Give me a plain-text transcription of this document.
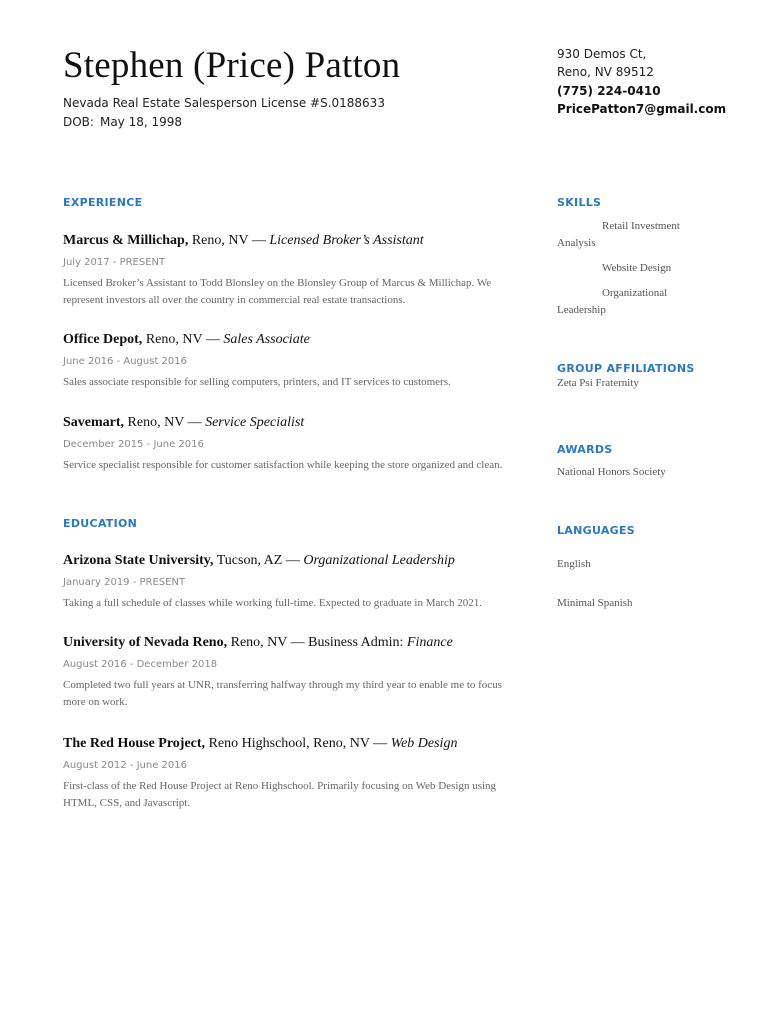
Stephen (Price) Patton
Nevada Real Estate Salesperson License #S.0188633
DOB: May 18, 1998
930 Demos Ct,
Reno, NV 89512
(775) 224-0410
PricePatton7@gmail.com
EXPERIENCE
Marcus & Millichap, Reno, NV — Licensed Broker’s Assistant
July 2017 - PRESENT
Licensed Broker’s Assistant to Todd Blonsley on the Blonsley Group of Marcus & Millichap. We represent investors all over the country in commercial real estate transactions.
Office Depot, Reno, NV — Sales Associate
June 2016 - August 2016
Sales associate responsible for selling computers, printers, and IT services to customers.
Savemart, Reno, NV — Service Specialist
December 2015 - June 2016
Service specialist responsible for customer satisfaction while keeping the store organized and clean.
EDUCATION
Arizona State University, Tucson, AZ — Organizational Leadership
January 2019 - PRESENT
Taking a full schedule of classes while working full-time. Expected to graduate in March 2021.
University of Nevada Reno, Reno, NV — Business Admin: Finance
August 2016 - December 2018
Completed two full years at UNR, transferring halfway through my third year to enable me to focus more on work.
The Red House Project, Reno Highschool, Reno, NV — Web Design
August 2012 - June 2016
First-class of the Red House Project at Reno Highschool. Primarily focusing on Web Design using HTML, CSS, and Javascript.
SKILLS
Retail Investment Analysis
Website Design
Organizational Leadership
GROUP AFFILIATIONS
Zeta Psi Fraternity
AWARDS
National Honors Society
LANGUAGES
English
Minimal Spanish
